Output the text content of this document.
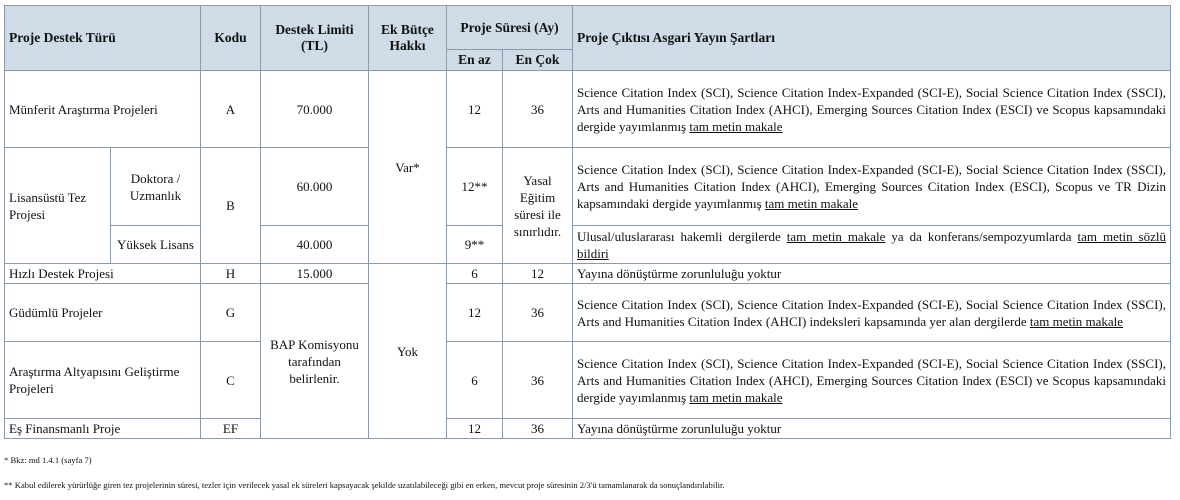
Proje Destek Türü		Kodu	Destek Limiti (TL)	Ek Bütçe Hakkı	Proje Süresi (Ay)		Proje Çıktısı Asgari Yayın Şartları
					En az	En Çok	
Münferit Araştırma Projeleri		A	70.000	Var*	12	36	Science Citation Index (SCI), Science Citation Index-Expanded (SCI-E), Social Science Citation Index (SSCI), Arts and Humanities Citation Index (AHCI), Emerging Sources Citation Index (ESCI) ve Scopus kapsamındaki dergide yayımlanmış tam metin makale
Lisansüstü Tez Projesi	Doktora / Uzmanlık	B	60.000		12**	Yasal Eğitim süresi ile sınırlıdır.	Science Citation Index (SCI), Science Citation Index-Expanded (SCI-E), Social Science Citation Index (SSCI), Arts and Humanities Citation Index (AHCI), Emerging Sources Citation Index (ESCI), Scopus ve TR Dizin kapsamındaki dergide yayımlanmış tam metin makale
	Yüksek Lisans		40.000		9**		Ulusal/uluslararası hakemli dergilerde tam metin makale ya da konferans/sempozyumlarda tam metin sözlü bildiri
Hızlı Destek Projesi		H	15.000	Yok	6	12	Yayına dönüştürme zorunluluğu yoktur
Güdümlü Projeler		G	BAP Komisyonu tarafından belirlenir.		12	36	Science Citation Index (SCI), Science Citation Index-Expanded (SCI-E), Social Science Citation Index (SSCI), Arts and Humanities Citation Index (AHCI) indeksleri kapsamında yer alan dergilerde tam metin makale
Araştırma Altyapısını Geliştirme Projeleri		C			6	36	Science Citation Index (SCI), Science Citation Index-Expanded (SCI-E), Social Science Citation Index (SSCI), Arts and Humanities Citation Index (AHCI), Emerging Sources Citation Index (ESCI) ve Scopus kapsamındaki dergide yayımlanmış tam metin makale
Eş Finansmanlı Proje		EF			12	36	Yayına dönüştürme zorunluluğu yoktur
* Bkz: md 1.4.1 (sayfa 7)
** Kabul edilerek yürürlüğe giren tez projelerinin süresi, tezler için verilecek yasal ek süreleri kapsayacak şekilde uzatılabileceği gibi en erken, mevcut proje süresinin 2/3'ü tamamlanarak da sonuçlandırılabilir.
